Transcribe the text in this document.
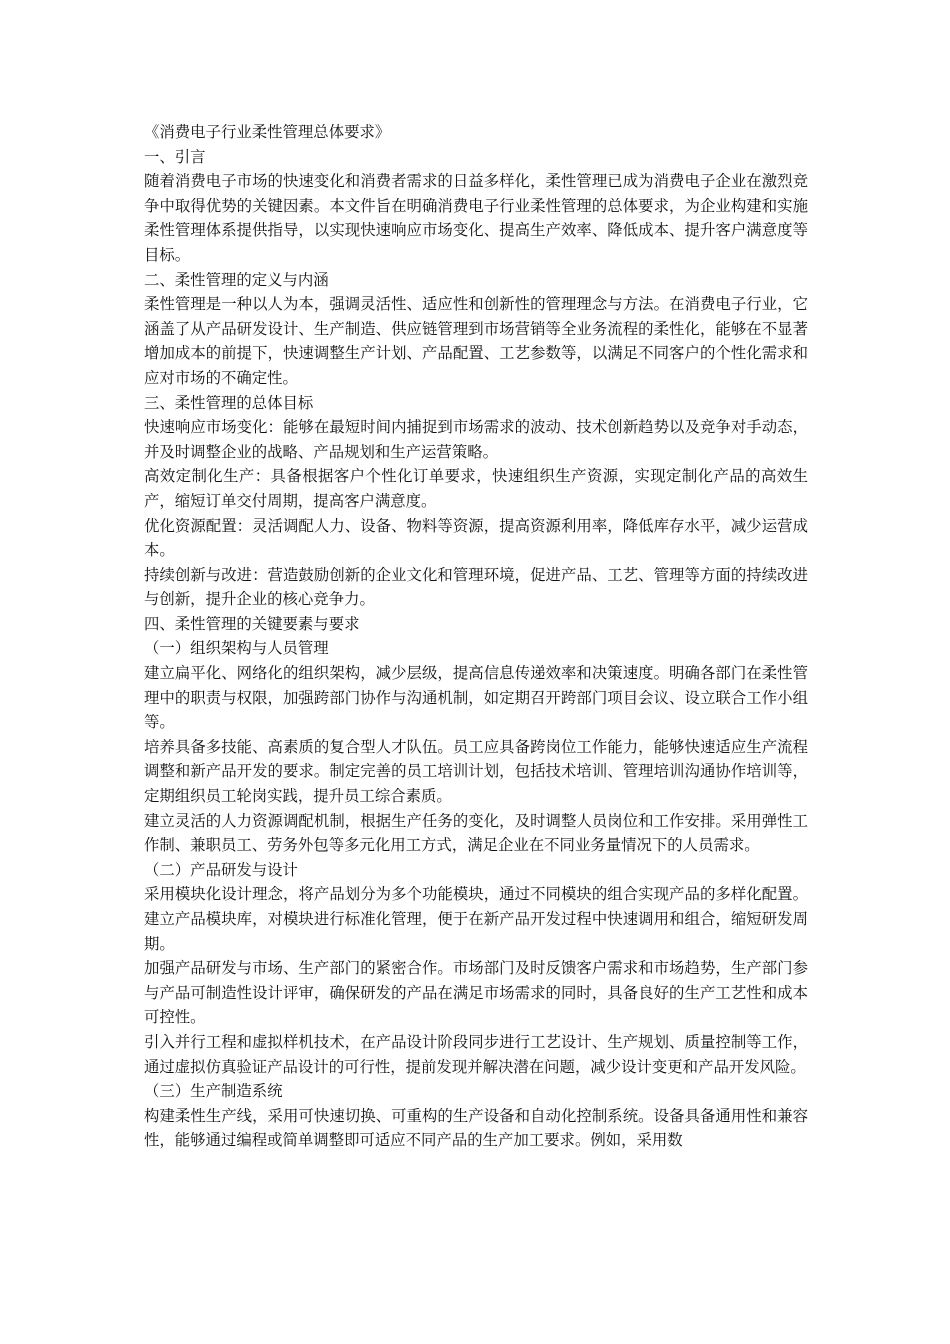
《消费电子行业柔性管理总体要求》

一、引言

随着消费电子市场的快速变化和消费者需求的日益多样化，柔性管理已成为消费电子企业在激烈竞争中取得优势的关键因素。本文件旨在明确消费电子行业柔性管理的总体要求，为企业构建和实施柔性管理体系提供指导，以实现快速响应市场变化、提高生产效率、降低成本、提升客户满意度等目标。

二、柔性管理的定义与内涵

柔性管理是一种以人为本，强调灵活性、适应性和创新性的管理理念与方法。在消费电子行业，它涵盖了从产品研发设计、生产制造、供应链管理到市场营销等全业务流程的柔性化，能够在不显著增加成本的前提下，快速调整生产计划、产品配置、工艺参数等，以满足不同客户的个性化需求和应对市场的不确定性。

三、柔性管理的总体目标

快速响应市场变化：能够在最短时间内捕捉到市场需求的波动、技术创新趋势以及竞争对手动态，并及时调整企业的战略、产品规划和生产运营策略。

高效定制化生产：具备根据客户个性化订单要求，快速组织生产资源，实现定制化产品的高效生产，缩短订单交付周期，提高客户满意度。

优化资源配置：灵活调配人力、设备、物料等资源，提高资源利用率，降低库存水平，减少运营成本。

持续创新与改进：营造鼓励创新的企业文化和管理环境，促进产品、工艺、管理等方面的持续改进与创新，提升企业的核心竞争力。

四、柔性管理的关键要素与要求

（一）组织架构与人员管理

建立扁平化、网络化的组织架构，减少层级，提高信息传递效率和决策速度。明确各部门在柔性管理中的职责与权限，加强跨部门协作与沟通机制，如定期召开跨部门项目会议、设立联合工作小组等。

培养具备多技能、高素质的复合型人才队伍。员工应具备跨岗位工作能力，能够快速适应生产流程调整和新产品开发的要求。制定完善的员工培训计划，包括技术培训、管理培训沟通协作培训等，定期组织员工轮岗实践，提升员工综合素质。

建立灵活的人力资源调配机制，根据生产任务的变化，及时调整人员岗位和工作安排。采用弹性工作制、兼职员工、劳务外包等多元化用工方式，满足企业在不同业务量情况下的人员需求。

（二）产品研发与设计

采用模块化设计理念，将产品划分为多个功能模块，通过不同模块的组合实现产品的多样化配置。建立产品模块库，对模块进行标准化管理，便于在新产品开发过程中快速调用和组合，缩短研发周期。

加强产品研发与市场、生产部门的紧密合作。市场部门及时反馈客户需求和市场趋势，生产部门参与产品可制造性设计评审，确保研发的产品在满足市场需求的同时，具备良好的生产工艺性和成本可控性。

引入并行工程和虚拟样机技术，在产品设计阶段同步进行工艺设计、生产规划、质量控制等工作，通过虚拟仿真验证产品设计的可行性，提前发现并解决潜在问题，减少设计变更和产品开发风险。

（三）生产制造系统

构建柔性生产线，采用可快速切换、可重构的生产设备和自动化控制系统。设备具备通用性和兼容性，能够通过编程或简单调整即可适应不同产品的生产加工要求。例如，采用数
